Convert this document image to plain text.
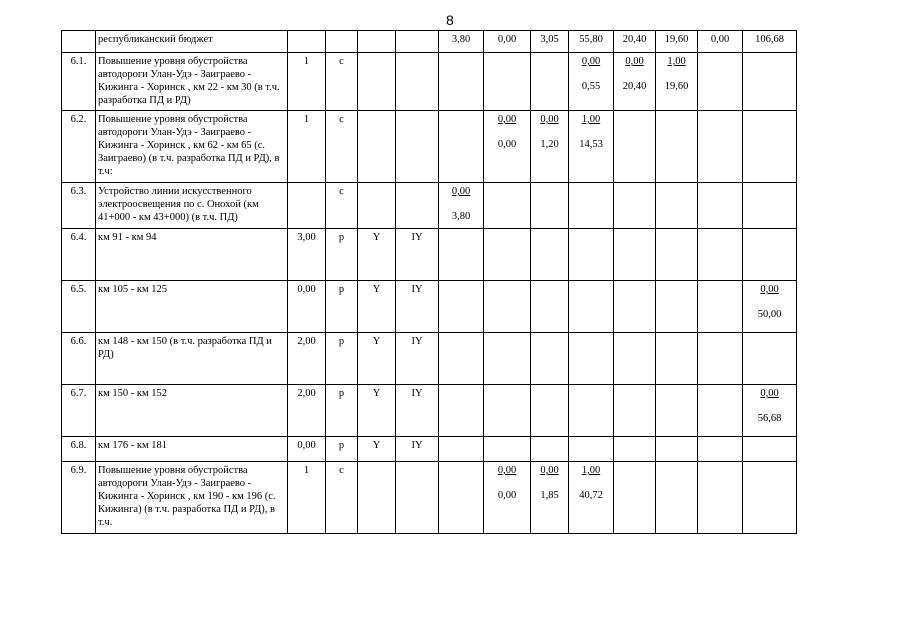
8
	республиканский бюджет					3,80	0,00	3,05	55,80	20,40	19,60	0,00	106,68
6.1.	Повышение уровня обустройства автодороги Улан-Удэ - Заиграево - Кижинга - Хоринск , км 22 - км 30 (в т.ч. разработка ПД и РД)	1	с						$\frac{0,00}{0,55}$	$\frac{0,00}{20,40}$	$\frac{1,00}{19,60}$

6.2.	Повышение уровня обустройства автодороги Улан-Удэ - Заиграево - Кижинга - Хоринск , км 62 - км 65 (с. Заиграево) (в т.ч. разработка ПД и РД), в т.ч:	1	с				$\frac{0,00}{0,00}$	$\frac{0,00}{1,20}$	$\frac{1,00}{14,53}$

6.3.	Устройство линии искусственного электроосвещения по с. Онохой (км 41+000 - км 43+000) (в т.ч. ПД)		с			$\frac{0,00}{3,80}$

6.4.	км 91 - км 94	3,00	р	Y	IY								
6.5.	км 105 - км 125	0,00	р	Y	IY								$\frac{0,00}{50,00}$

6.6.	км 148 - км 150 (в т.ч. разработка ПД и РД)	2,00	р	Y	IY								
6.7.	км 150 - км 152	2,00	р	Y	IY								$\frac{0,00}{56,68}$

6.8.	км 176 - км 181	0,00	р	Y	IY								
6.9.	Повышение уровня обустройства автодороги Улан-Удэ - Заиграево - Кижинга - Хоринск , км 190 - км 196 (с. Кижинга) (в т.ч. разработка ПД и РД), в т.ч.	1	с				$\frac{0,00}{0,00}$	$\frac{0,00}{1,85}$	$\frac{1,00}{40,72}$
